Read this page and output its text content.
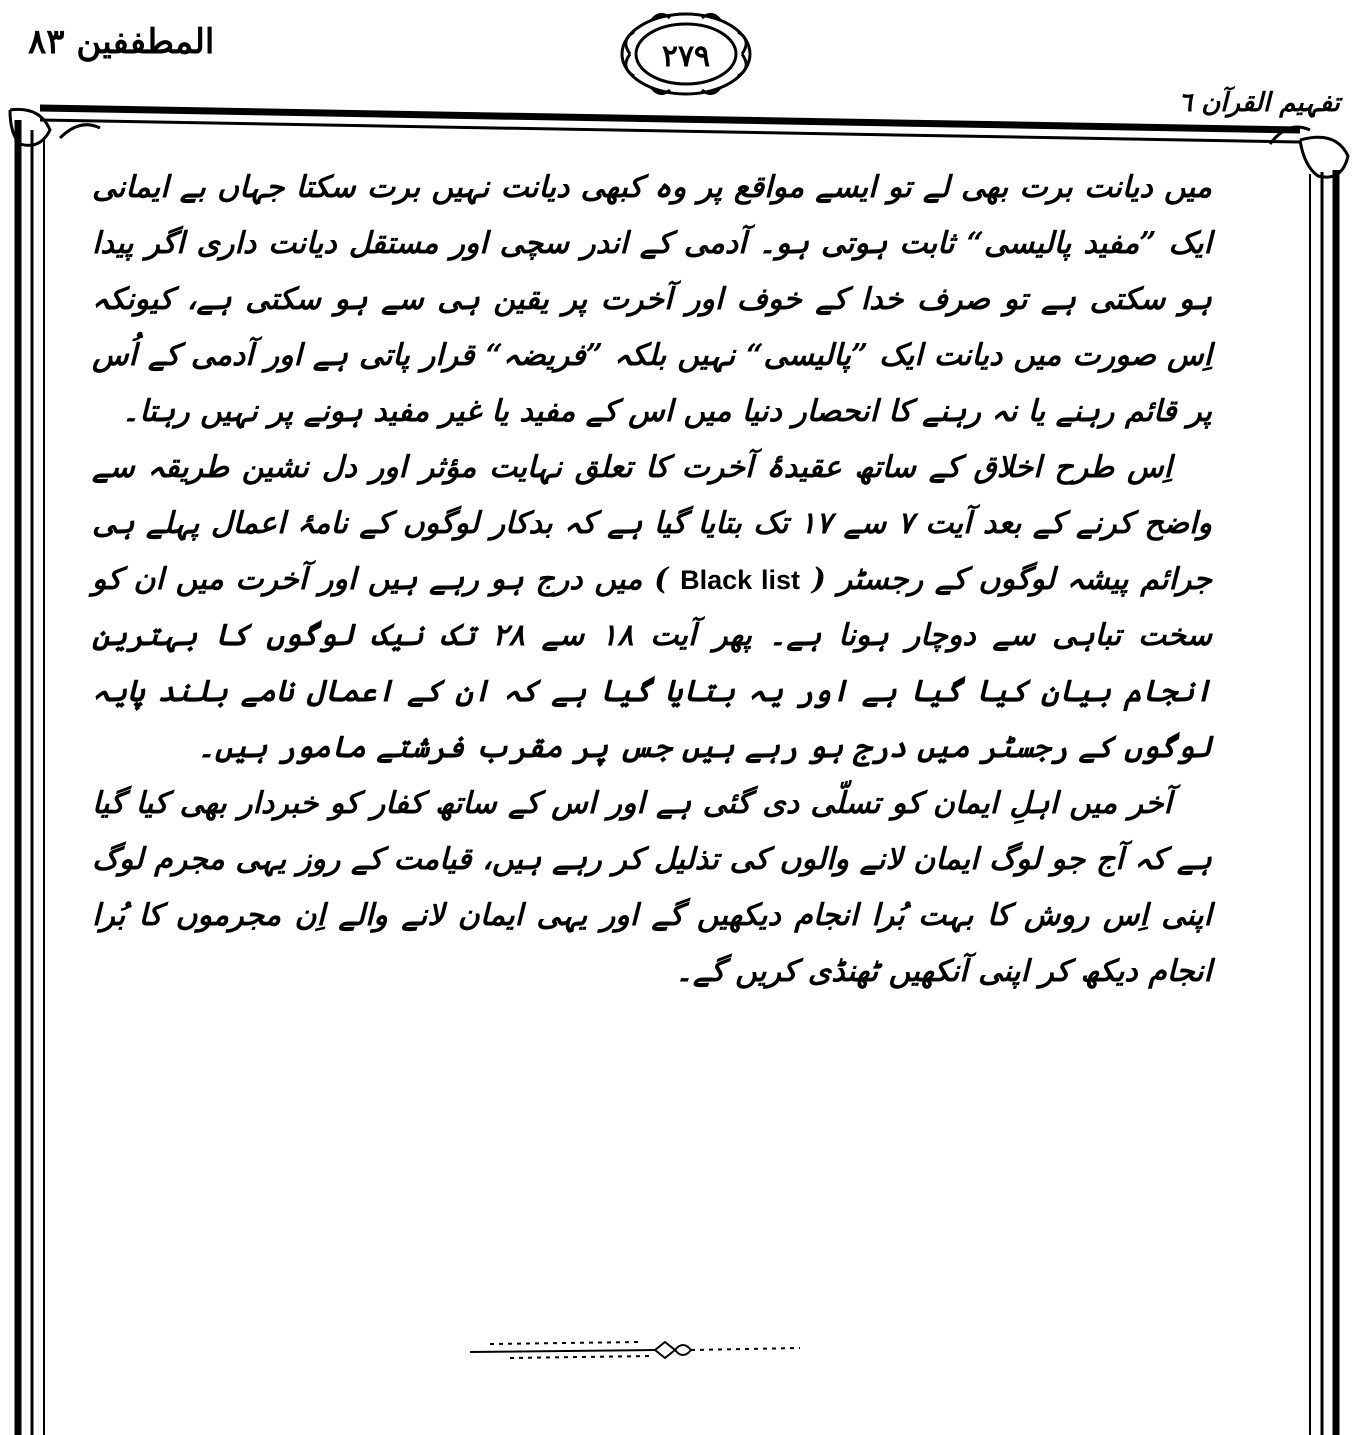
المطففین ۸۳	۲۷۹
تفہیم القرآن ٦

میں دیانت برت بھی لے تو ایسے مواقع پر وہ کبھی دیانت نہیں برت سکتا جہاں بے ایمانی ایک ”مفید پالیسی“ ثابت ہوتی ہو۔ آدمی کے اندر سچی اور مستقل دیانت داری اگر پیدا ہو سکتی ہے تو صرف خدا کے خوف اور آخرت پر یقین ہی سے ہو سکتی ہے، کیونکہ اِس صورت میں دیانت ایک ”پالیسی“ نہیں بلکہ ”فریضہ“ قرار پاتی ہے اور آدمی کے اُس پر قائم رہنے یا نہ رہنے کا انحصار دنیا میں اس کے مفید یا غیر مفید ہونے پر نہیں رہتا۔

اِس طرح اخلاق کے ساتھ عقیدۂ آخرت کا تعلق نہایت مؤثر اور دل نشین طریقہ سے واضح کرنے کے بعد آیت ۷ سے ۱۷ تک بتایا گیا ہے کہ بدکار لوگوں کے نامۂ اعمال پہلے ہی جرائم پیشہ لوگوں کے رجسٹر ( Black list ) میں درج ہو رہے ہیں اور آخرت میں ان کو سخت تباہی سے دوچار ہونا ہے۔ پھر آیت ۱۸ سے ۲۸ تک نیک لوگوں کا بہترین انجام بیان کیا گیا ہے اور یہ بتایا گیا ہے کہ ان کے اعمال نامے بلند پایہ لوگوں کے رجسٹر میں درج ہو رہے ہیں جس پر مقرب فرشتے مامور ہیں۔

آخر میں اہلِ ایمان کو تسلّی دی گئی ہے اور اس کے ساتھ کفار کو خبردار بھی کیا گیا ہے کہ آج جو لوگ ایمان لانے والوں کی تذلیل کر رہے ہیں، قیامت کے روز یہی مجرم لوگ اپنی اِس روش کا بہت بُرا انجام دیکھیں گے اور یہی ایمان لانے والے اِن مجرموں کا بُرا انجام دیکھ کر اپنی آنکھیں ٹھنڈی کریں گے۔
